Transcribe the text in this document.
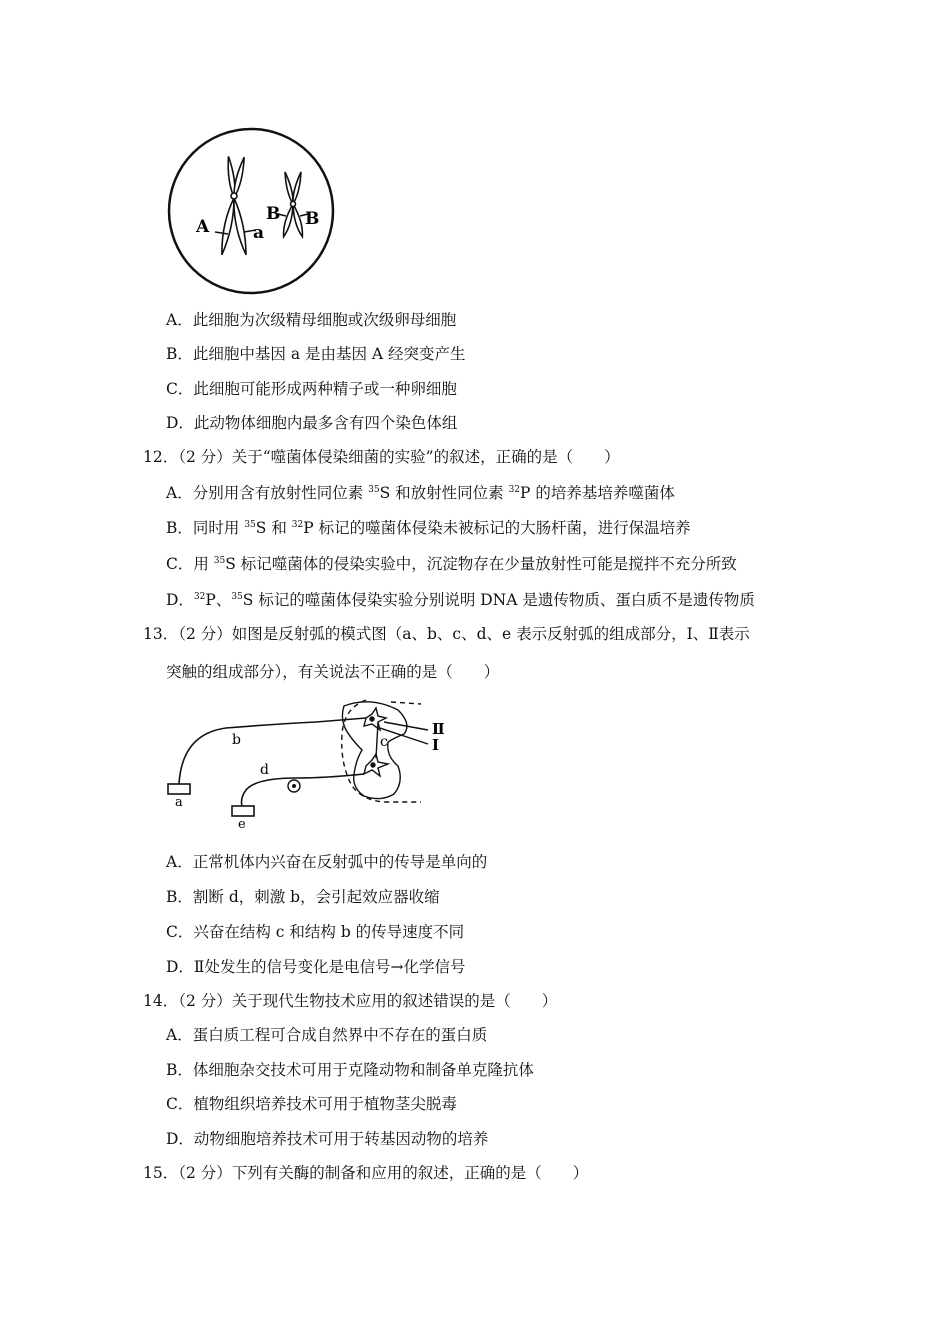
A	a
B B
A．此细胞为次级精母细胞或次级卵母细胞
B．此细胞中基因 a 是由基因 A 经突变产生
C．此细胞可能形成两种精子或一种卵细胞
D．此动物体细胞内最多含有四个染色体组
12．（2 分）关于“噬菌体侵染细菌的实验”的叙述，正确的是（　　）
A．分别用含有放射性同位素 $^{35}$S 和放射性同位素 $^{32}$P 的培养基培养噬菌体
B．同时用 $^{35}$S 和 $^{32}$P 标记的噬菌体侵染未被标记的大肠杆菌，进行保温培养
C．用 $^{35}$S 标记噬菌体的侵染实验中，沉淀物存在少量放射性可能是搅拌不充分所致
D．$^{32}$P、$^{35}$S 标记的噬菌体侵染实验分别说明 DNA 是遗传物质、蛋白质不是遗传物质
13．（2 分）如图是反射弧的模式图（a、b、c、d、e 表示反射弧的组成部分，Ⅰ、Ⅱ表示
突触的组成部分），有关说法不正确的是（　　）
a
b
Ⅱ
Ⅰ
c
d
e
A．正常机体内兴奋在反射弧中的传导是单向的
B．割断 d，刺激 b，会引起效应器收缩
C．兴奋在结构 c 和结构 b 的传导速度不同
D．Ⅱ处发生的信号变化是电信号→化学信号
14．（2 分）关于现代生物技术应用的叙述错误的是（　　）
A．蛋白质工程可合成自然界中不存在的蛋白质
B．体细胞杂交技术可用于克隆动物和制备单克隆抗体
C．植物组织培养技术可用于植物茎尖脱毒
D．动物细胞培养技术可用于转基因动物的培养
15．（2 分）下列有关酶的制备和应用的叙述，正确的是（　　）
